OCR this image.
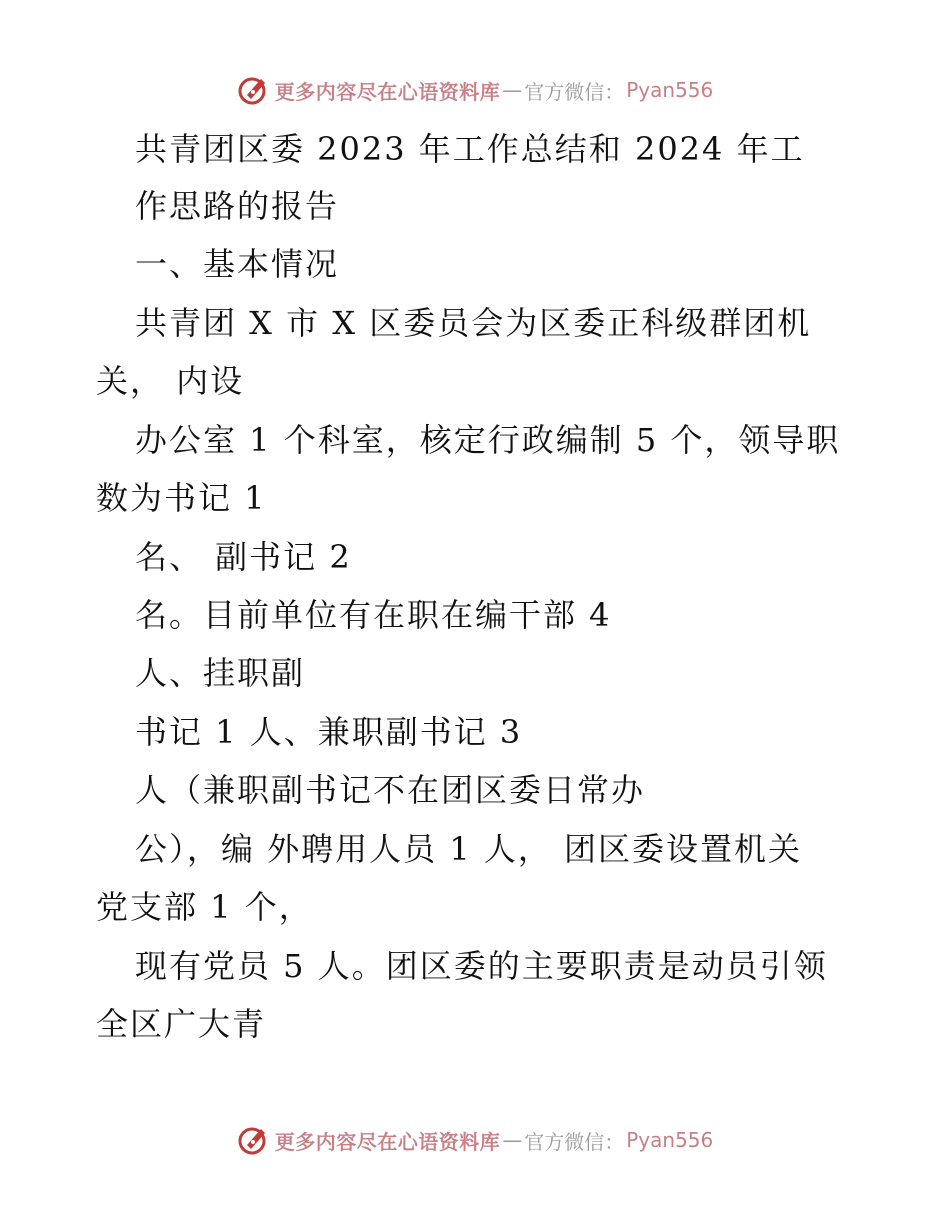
更多内容尽在心语资料库 — 官方微信： Pyan556
共青团区委 2023 年工作总结和 2024 年工
作思路的报告
一、基本情况
共青团 X 市 X 区委员会为区委正科级群团机
关， 内设
办公室 1 个科室，核定行政编制 5 个，领导职
数为书记 1
名、 副书记 2
名。目前单位有在职在编干部 4
人、挂职副
书记 1 人、兼职副书记 3
人（兼职副书记不在团区委日常办
公），编 外聘用人员 1 人， 团区委设置机关
党支部 1 个，
现有党员 5 人。团区委的主要职责是动员引领
全区广大青
更多内容尽在心语资料库 — 官方微信： Pyan556
